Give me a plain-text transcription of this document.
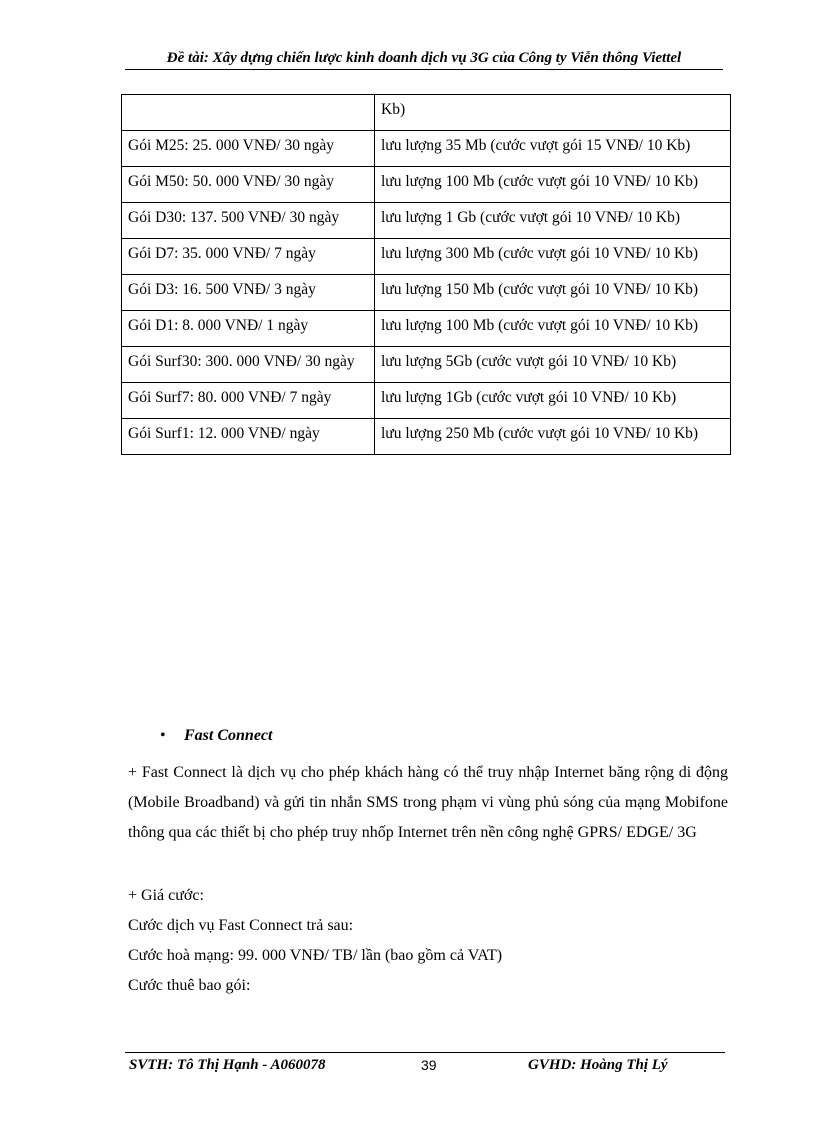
Đề tài: Xây dựng chiến lược kinh doanh dịch vụ 3G của Công ty Viễn thông Viettel
	Kb)
Gói M25: 25. 000 VNĐ/ 30 ngày	lưu lượng 35 Mb (cước vượt gói 15 VNĐ/ 10 Kb)
Gói M50: 50. 000 VNĐ/ 30 ngày	lưu lượng 100 Mb (cước vượt gói 10 VNĐ/ 10 Kb)
Gói D30: 137. 500 VNĐ/ 30 ngày	lưu lượng 1 Gb (cước vượt gói 10 VNĐ/ 10 Kb)
Gói D7: 35. 000 VNĐ/ 7 ngày	lưu lượng 300 Mb (cước vượt gói 10 VNĐ/ 10 Kb)
Gói D3: 16. 500 VNĐ/ 3 ngày	lưu lượng 150 Mb (cước vượt gói 10 VNĐ/ 10 Kb)
Gói D1: 8. 000 VNĐ/ 1 ngày	lưu lượng 100 Mb (cước vượt gói 10 VNĐ/ 10 Kb)
Gói Surf30: 300. 000 VNĐ/ 30 ngày	lưu lượng 5Gb (cước vượt gói 10 VNĐ/ 10 Kb)
Gói Surf7: 80. 000 VNĐ/ 7 ngày	lưu lượng 1Gb (cước vượt gói 10 VNĐ/ 10 Kb)
Gói Surf1: 12. 000 VNĐ/ ngày	lưu lượng 250 Mb (cước vượt gói 10 VNĐ/ 10 Kb)
• Fast Connect
+ Fast Connect là dịch vụ cho phép khách hàng có thể truy nhập Internet băng rộng di động (Mobile Broadband) và gửi tin nhắn SMS trong phạm vi vùng phủ sóng của mạng Mobifone thông qua các thiết bị cho phép truy nhốp Internet trên nền công nghệ GPRS/ EDGE/ 3G
+ Giá cước:
Cước dịch vụ Fast Connect trả sau:
Cước hoà mạng: 99. 000 VNĐ/ TB/ lần (bao gồm cả VAT)
Cước thuê bao gói:
SVTH: Tô Thị Hạnh - A060078	39	GVHD: Hoàng Thị Lý
